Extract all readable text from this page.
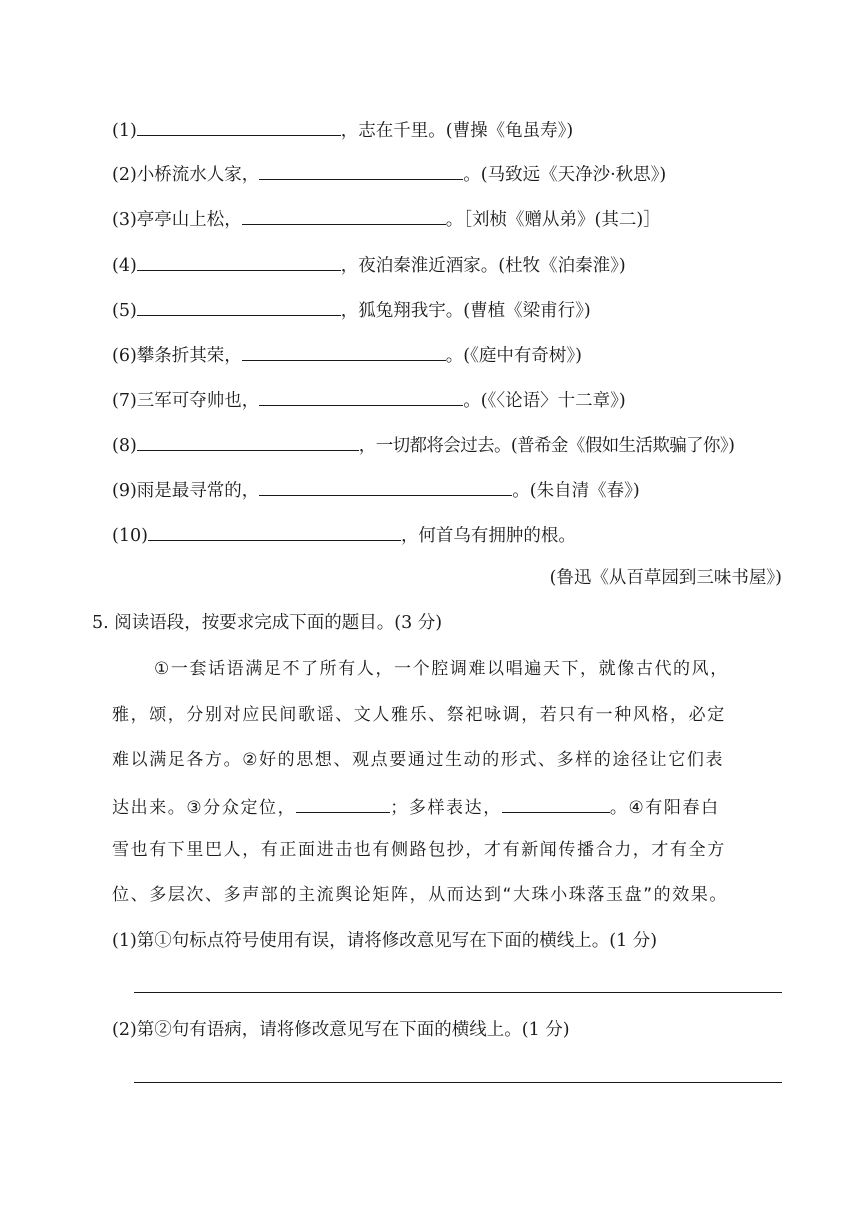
(1)	，志在千里。(曹操《龟虽寿》)
(2)小桥流水人家，	。(马致远《天净沙·秋思》)
(3)亭亭山上松，	。［刘桢《赠从弟》(其二)］
(4)	，夜泊秦淮近酒家。(杜牧《泊秦淮》)
(5)	，狐兔翔我宇。(曹植《梁甫行》)
(6)攀条折其荣，	。(《庭中有奇树》)
(7)三军可夺帅也，	。(《〈论语〉十二章》)
(8)	，一切都将会过去。(普希金《假如生活欺骗了你》)
(9)雨是最寻常的，	。(朱自清《春》)
(10)	，何首乌有拥肿的根。
(鲁迅《从百草园到三味书屋》)
5. 阅读语段，按要求完成下面的题目。(3 分)
①一套话语满足不了所有人，一个腔调难以唱遍天下，就像古代的风，
雅，颂，分别对应民间歌谣、文人雅乐、祭祀咏调，若只有一种风格，必定
难以满足各方。②好的思想、观点要通过生动的形式、多样的途径让它们表
达出来。③分众定位，	；多样表达，	。④有阳春白
雪也有下里巴人，有正面进击也有侧路包抄，才有新闻传播合力，才有全方
位、多层次、多声部的主流舆论矩阵，从而达到“大珠小珠落玉盘”的效果。
(1)第①句标点符号使用有误，请将修改意见写在下面的横线上。(1 分)
(2)第②句有语病，请将修改意见写在下面的横线上。(1 分)
